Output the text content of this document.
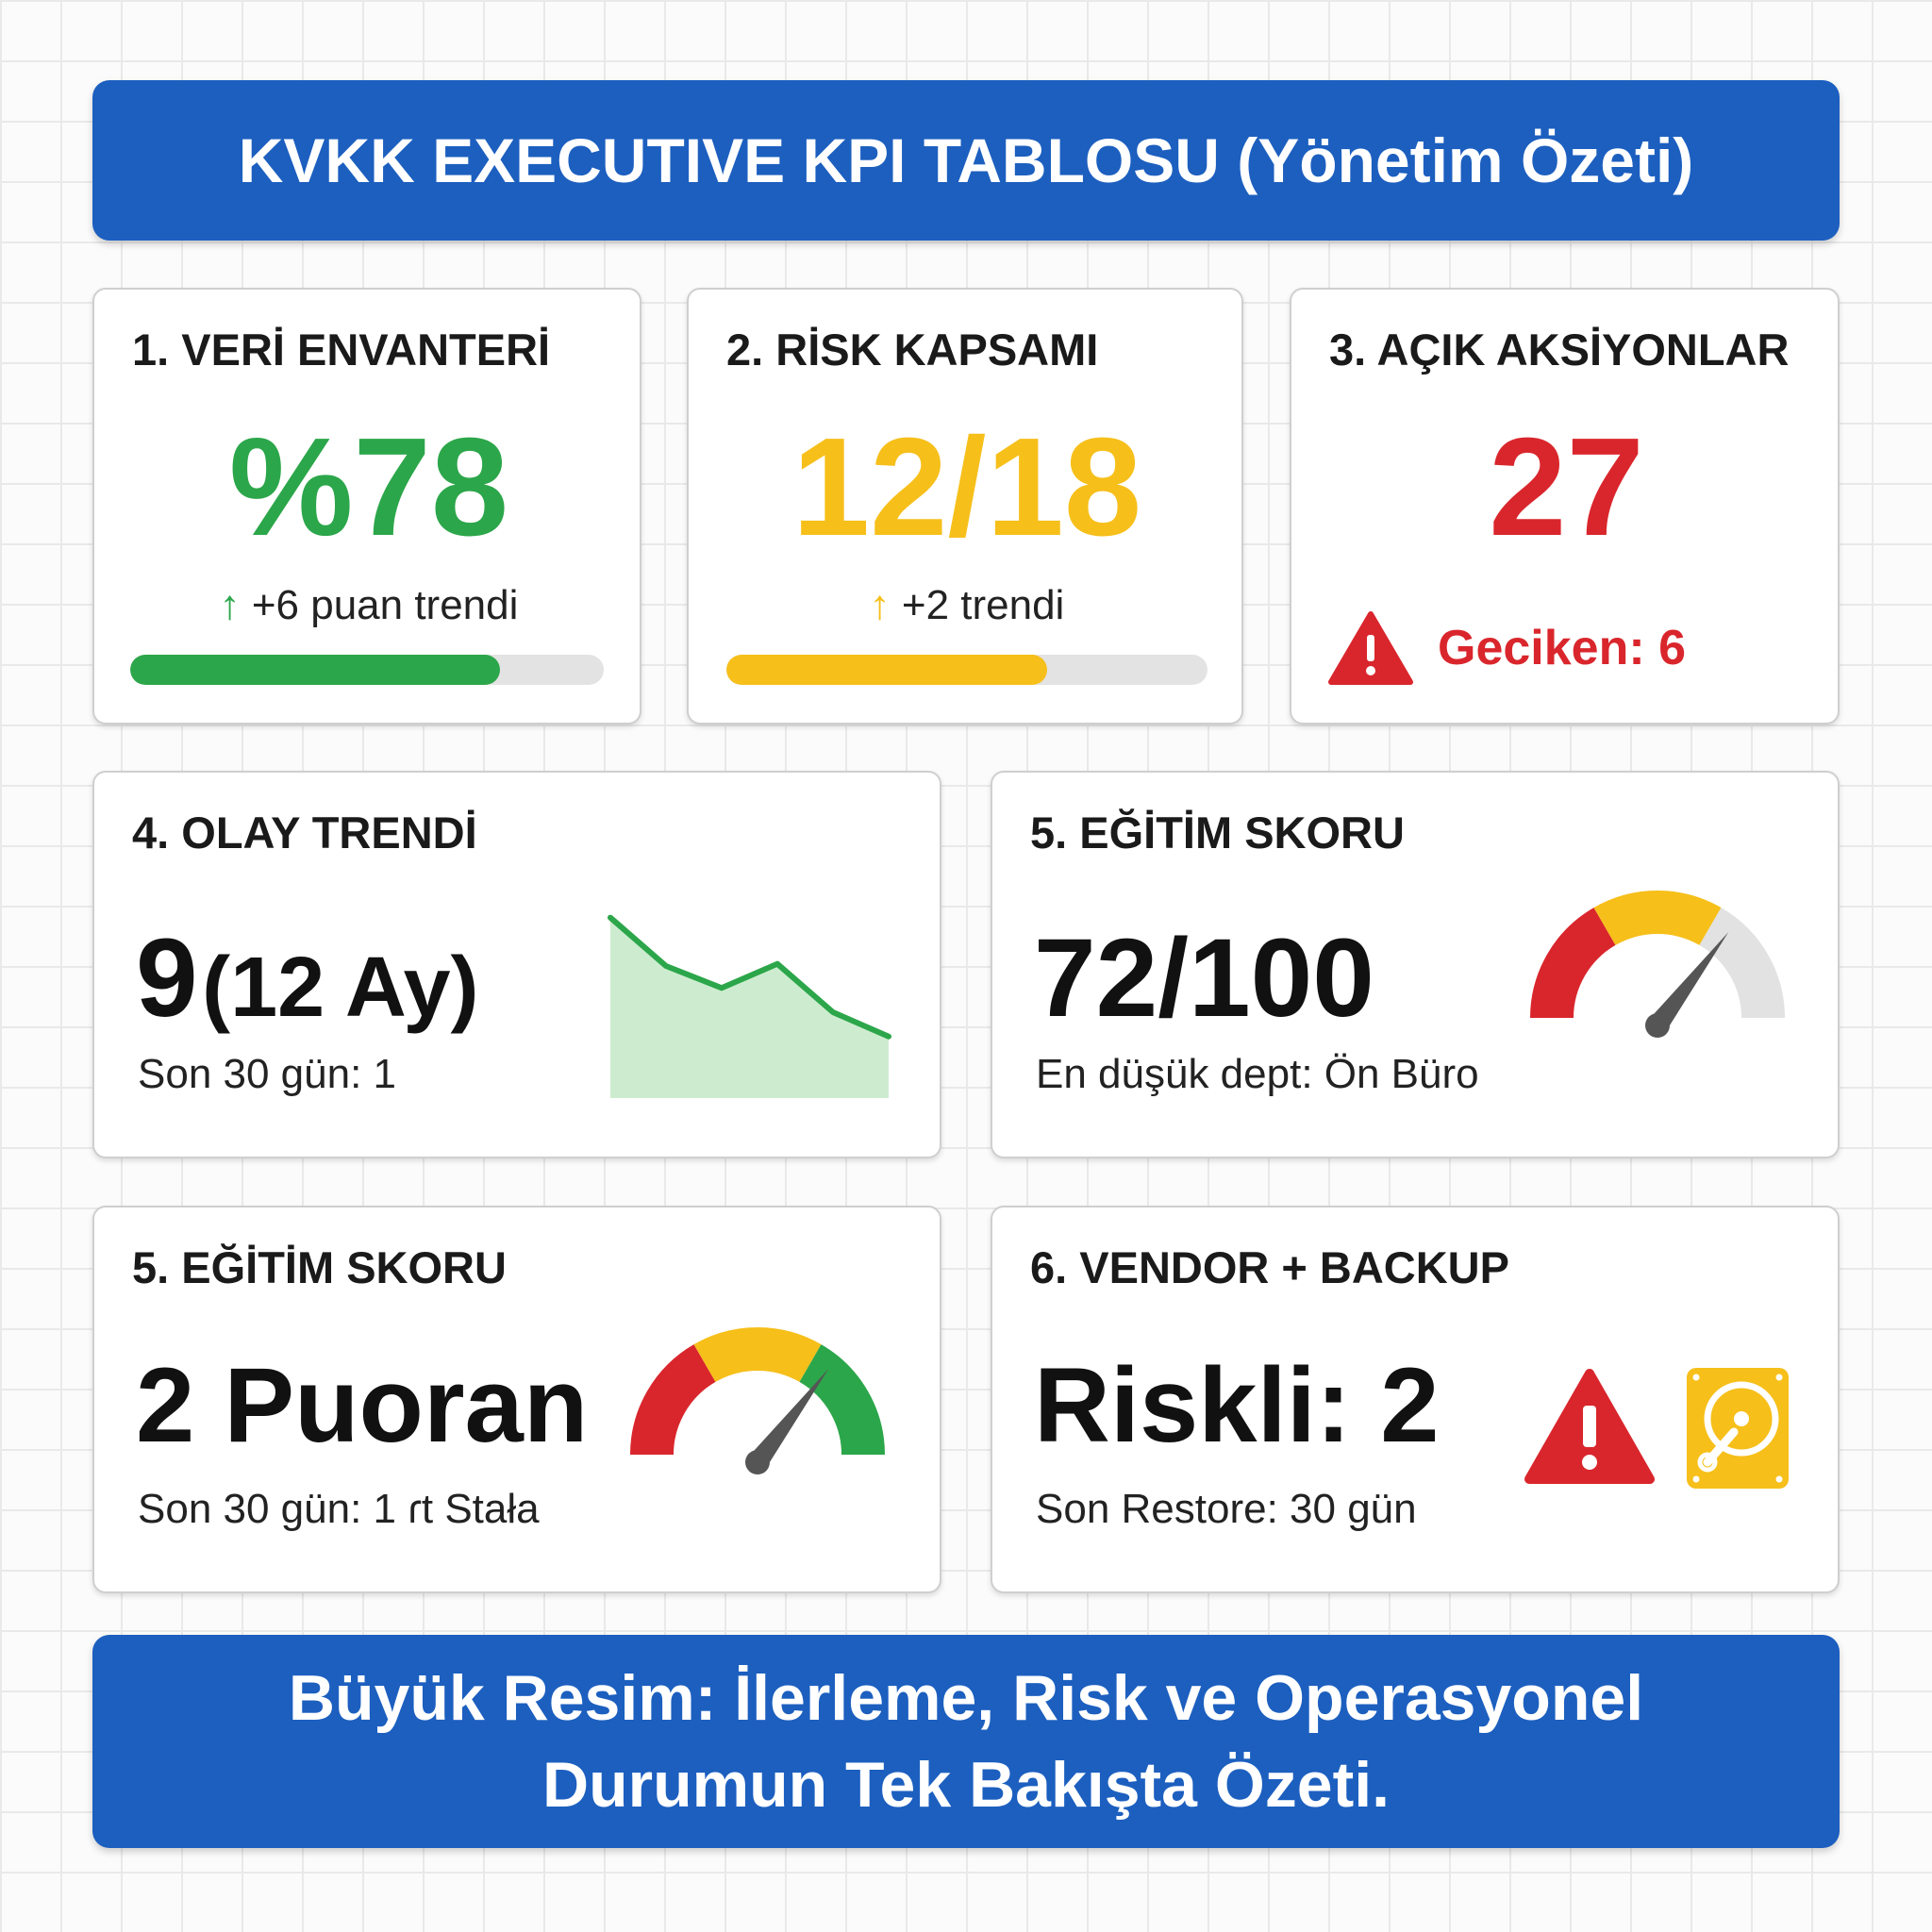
KVKK EXECUTIVE KPI TABLOSU (Yönetim Özeti)
1. VERİ ENVANTERİ
%78
↑ +6 puan trendi
2. RİSK KAPSAMI
12/18
↑ +2 trendi
3. AÇIK AKSİYONLAR
27
Geciken: 6
4. OLAY TRENDİ
9 (12 Ay)
Son 30 gün: 1
5. EĞİTİM SKORU
72/100
En düşük dept: Ön Büro
5. EĞİTİM SKORU
2 Puoran
Son 30 gün: 1 ɾt Stała
6. VENDOR + BACKUP
Riskli: 2
Son Restore: 30 gün
Büyük Resim: İlerleme, Risk ve Operasyonel Durumun Tek Bakışta Özeti.
